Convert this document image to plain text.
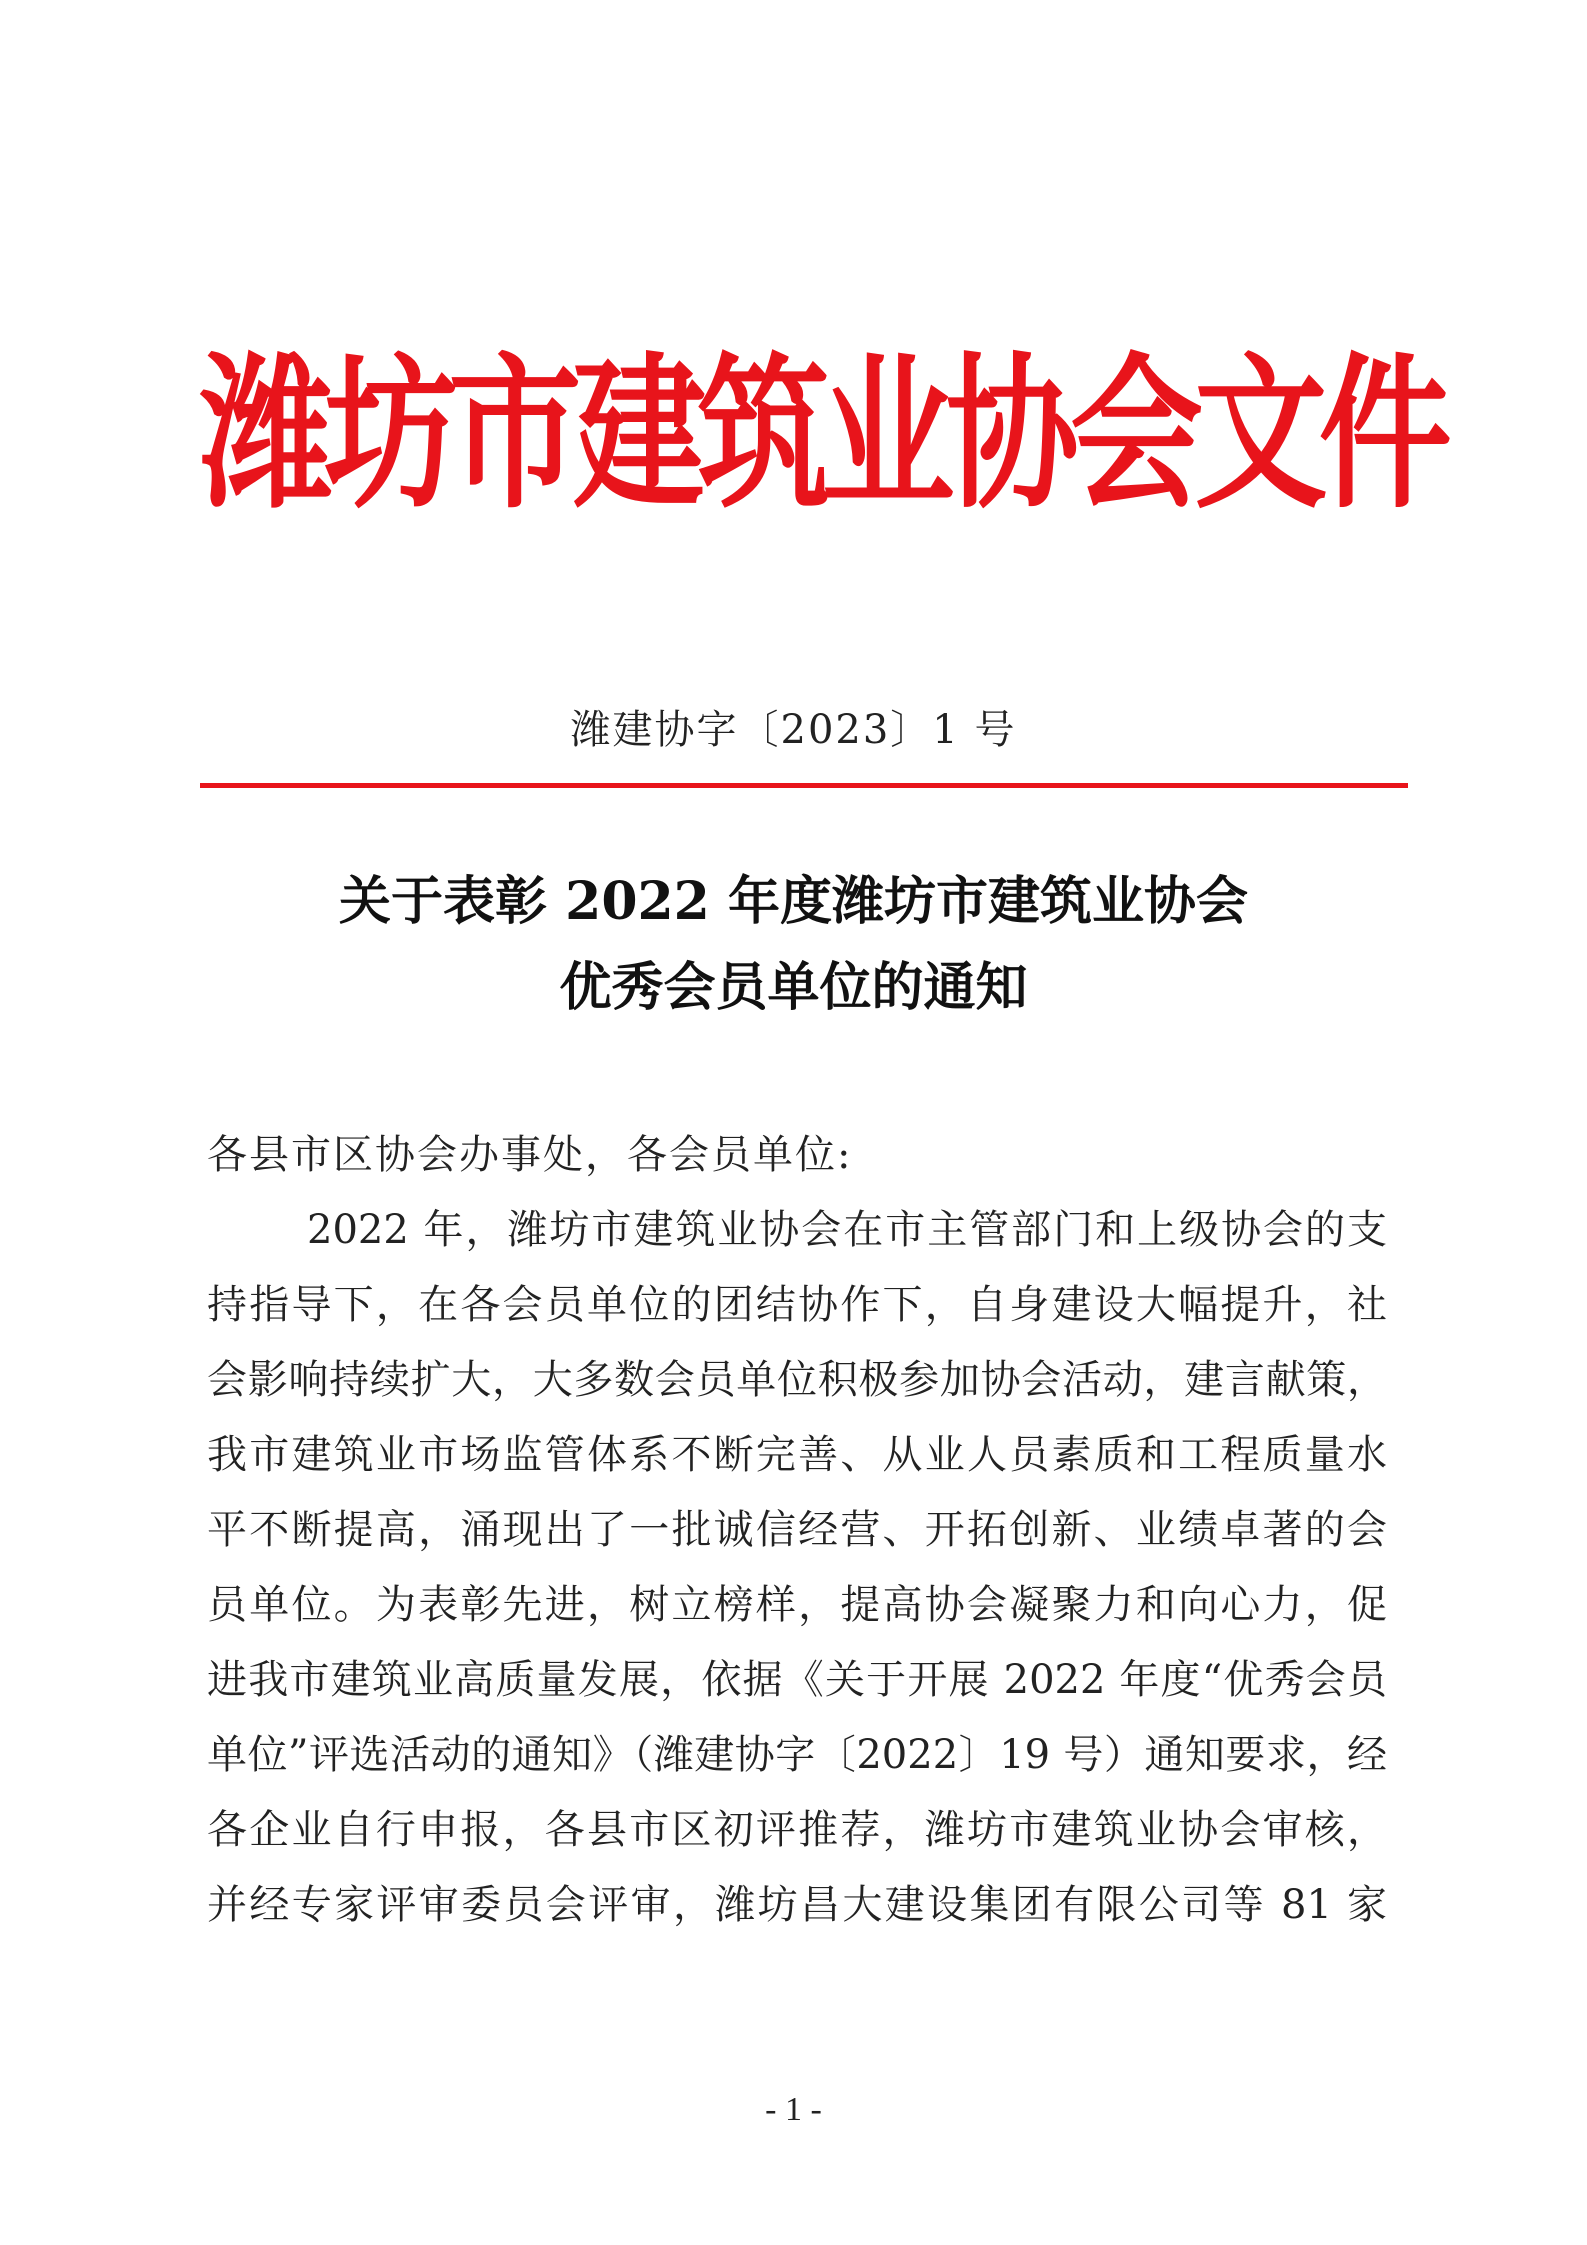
潍坊市建筑业协会文件
潍建协字〔2023〕1 号
关于表彰 2022 年度潍坊市建筑业协会
优秀会员单位的通知
各县市区协会办事处，各会员单位:
2022 年，潍坊市建筑业协会在市主管部门和上级协会的支
持指导下，在各会员单位的团结协作下，自身建设大幅提升，社
会影响持续扩大，大多数会员单位积极参加协会活动，建言献策，
我市建筑业市场监管体系不断完善、从业人员素质和工程质量水
平不断提高，涌现出了一批诚信经营、开拓创新、业绩卓著的会
员单位。为表彰先进，树立榜样，提高协会凝聚力和向心力，促
进我市建筑业高质量发展，依据《关于开展 2022 年度“优秀会员
单位”评选活动的通知》（潍建协字〔2022〕19 号）通知要求，经
各企业自行申报，各县市区初评推荐，潍坊市建筑业协会审核，
并经专家评审委员会评审，潍坊昌大建设集团有限公司等 81 家
- 1 -
